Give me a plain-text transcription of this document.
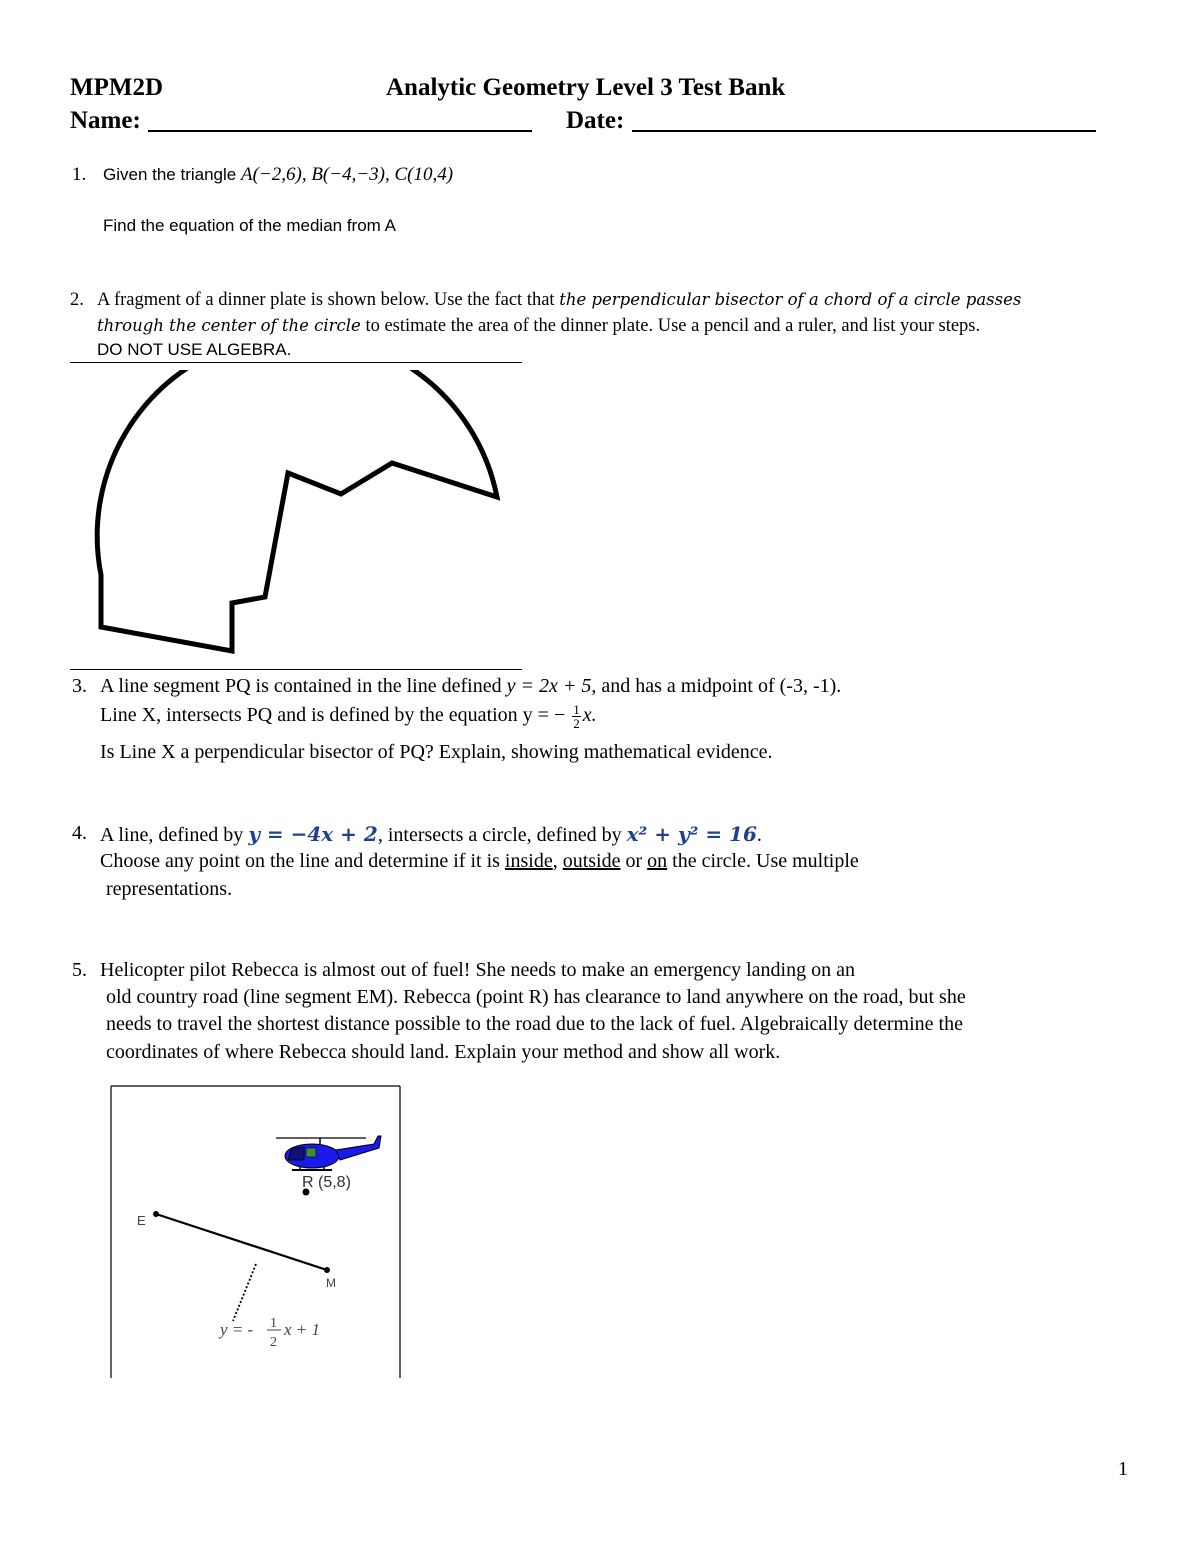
MPM2D	Analytic Geometry Level 3 Test Bank
Name:	Date:
1. Given the triangle A(−2,6), B(−4,−3), C(10,4)
Find the equation of the median from A
2. A fragment of a dinner plate is shown below. Use the fact that the perpendicular bisector of a chord of a circle passes
through the center of the circle to estimate the area of the dinner plate. Use a pencil and a ruler, and list your steps.
DO NOT USE ALGEBRA.
3. A line segment PQ is contained in the line defined y = 2x + 5, and has a midpoint of (-3, -1).
Line X, intersects PQ and is defined by the equation y = − $\frac{1}{2} x$.
Is Line X a perpendicular bisector of PQ? Explain, showing mathematical evidence.
4. A line, defined by y = −4x + 2, intersects a circle, defined by x² + y² = 16.
Choose any point on the line and determine if it is inside, outside or on the circle. Use multiple
representations.
5. Helicopter pilot Rebecca is almost out of fuel! She needs to make an emergency landing on an
old country road (line segment EM). Rebecca (point R) has clearance to land anywhere on the road, but she
needs to travel the shortest distance possible to the road due to the lack of fuel. Algebraically determine the
coordinates of where Rebecca should land. Explain your method and show all work.
R (5,8)
E
M
y = - 1
2
x + 1
1
